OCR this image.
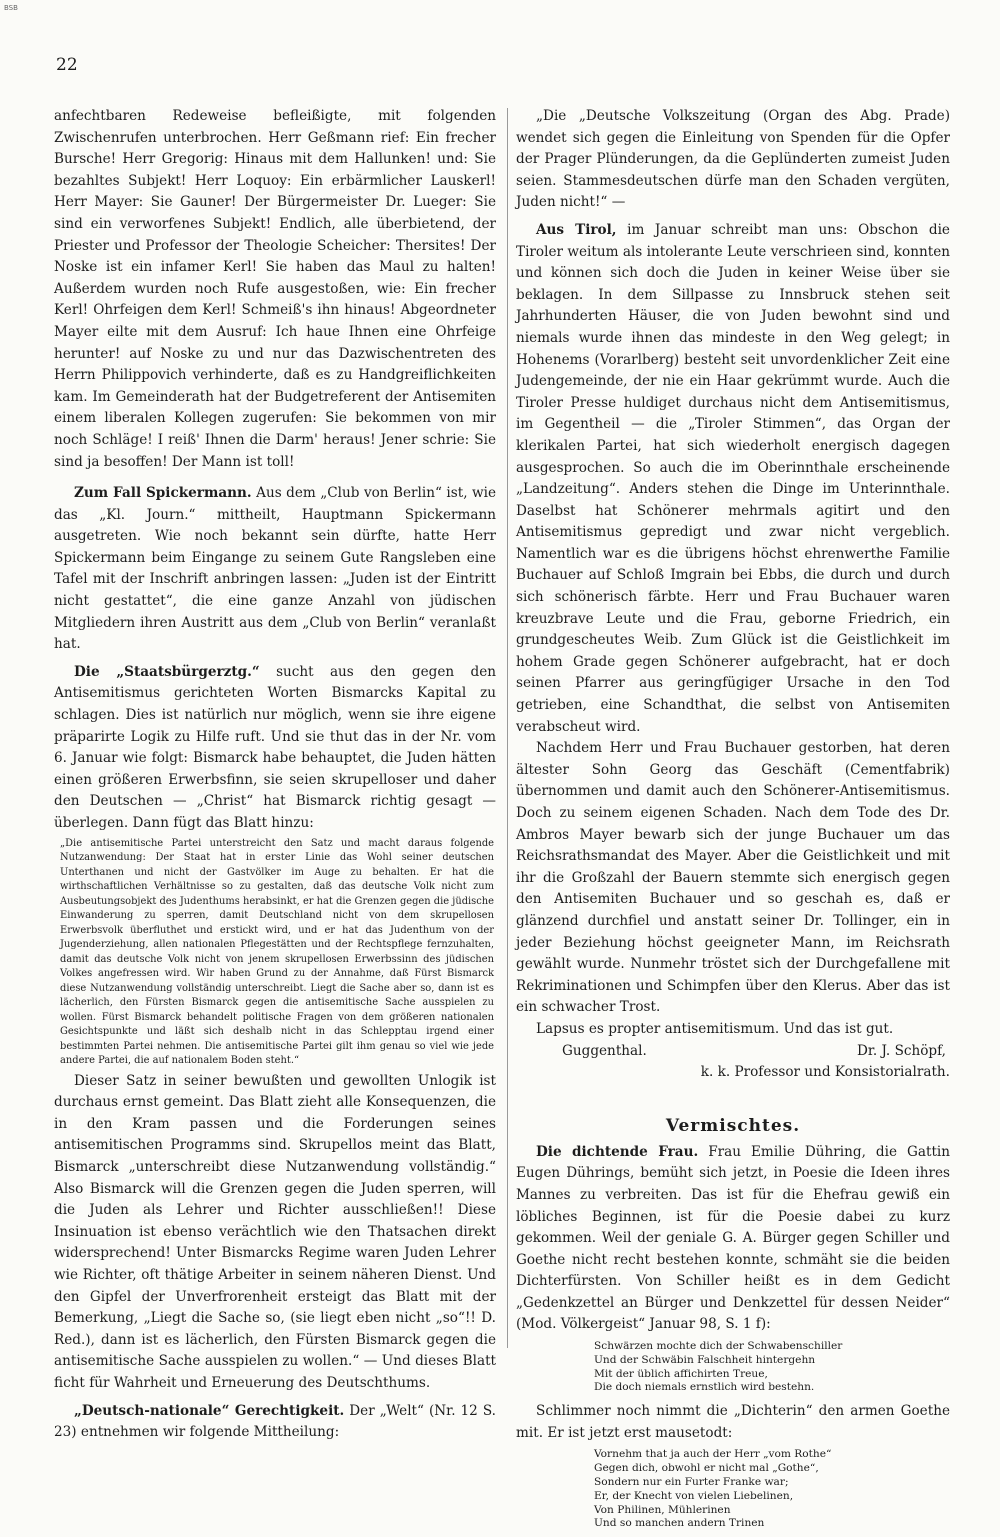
BSB
22

anfechtbaren Redeweise befleißigte, mit folgenden Zwischenrufen unterbrochen. Herr Geßmann rief: Ein frecher Bursche! Herr Gregorig: Hinaus mit dem Hallunken! und: Sie bezahltes Subjekt! Herr Loquoy: Ein erbärmlicher Lauskerl! Herr Mayer: Sie Gauner! Der Bürgermeister Dr. Lueger: Sie sind ein verworfenes Subjekt! Endlich, alle überbietend, der Priester und Professor der Theologie Scheicher: Thersites! Der Noske ist ein infamer Kerl! Sie haben das Maul zu halten! Außerdem wurden noch Rufe ausgestoßen, wie: Ein frecher Kerl! Ohrfeigen dem Kerl! Schmeiß's ihn hinaus! Abgeordneter Mayer eilte mit dem Ausruf: Ich haue Ihnen eine Ohrfeige herunter! auf Noske zu und nur das Dazwischentreten des Herrn Philippovich verhinderte, daß es zu Handgreiflichkeiten kam. Im Gemeinderath hat der Budgetreferent der Antisemiten einem liberalen Kollegen zugerufen: Sie bekommen von mir noch Schläge! I reiß' Ihnen die Darm' heraus! Jener schrie: Sie sind ja besoffen! Der Mann ist toll!

Zum Fall Spickermann. Aus dem „Club von Berlin“ ist, wie das „Kl. Journ.“ mittheilt, Hauptmann Spickermann ausgetreten. Wie noch bekannt sein dürfte, hatte Herr Spickermann beim Eingange zu seinem Gute Rangsleben eine Tafel mit der Inschrift anbringen lassen: „Juden ist der Eintritt nicht gestattet“, die eine ganze Anzahl von jüdischen Mitgliedern ihren Austritt aus dem „Club von Berlin“ veranlaßt hat.

Die „Staatsbürgerztg.“ sucht aus den gegen den Antisemitismus gerichteten Worten Bismarcks Kapital zu schlagen. Dies ist natürlich nur möglich, wenn sie ihre eigene präparirte Logik zu Hilfe ruft. Und sie thut das in der Nr. vom 6. Januar wie folgt: Bismarck habe behauptet, die Juden hätten einen größeren Erwerbsfinn, sie seien skrupelloser und daher den Deutschen — „Christ“ hat Bismarck richtig gesagt — überlegen. Dann fügt das Blatt hinzu:

„Die antisemitische Partei unterstreicht den Satz und macht daraus folgende Nutzanwendung: Der Staat hat in erster Linie das Wohl seiner deutschen Unterthanen und nicht der Gastvölker im Auge zu behalten. Er hat die wirthschaftlichen Verhältnisse so zu gestalten, daß das deutsche Volk nicht zum Ausbeutungsobjekt des Judenthums herabsinkt, er hat die Grenzen gegen die jüdische Einwanderung zu sperren, damit Deutschland nicht von dem skrupellosen Erwerbsvolk überfluthet und erstickt wird, und er hat das Judenthum von der Jugenderziehung, allen nationalen Pflegestätten und der Rechtspflege fernzuhalten, damit das deutsche Volk nicht von jenem skrupellosen Erwerbssinn des jüdischen Volkes angefressen wird. Wir haben Grund zu der Annahme, daß Fürst Bismarck diese Nutzanwendung vollständig unterschreibt. Liegt die Sache aber so, dann ist es lächerlich, den Fürsten Bismarck gegen die antisemitische Sache ausspielen zu wollen. Fürst Bismarck behandelt politische Fragen von dem größeren nationalen Gesichtspunkte und läßt sich deshalb nicht in das Schlepptau irgend einer bestimmten Partei nehmen. Die antisemitische Partei gilt ihm genau so viel wie jede andere Partei, die auf nationalem Boden steht.“

Dieser Satz in seiner bewußten und gewollten Unlogik ist durchaus ernst gemeint. Das Blatt zieht alle Konsequenzen, die in den Kram passen und die Forderungen seines antisemitischen Programms sind. Skrupellos meint das Blatt, Bismarck „unterschreibt diese Nutzanwendung vollständig.“ Also Bismarck will die Grenzen gegen die Juden sperren, will die Juden als Lehrer und Richter ausschließen!! Diese Insinuation ist ebenso verächtlich wie den Thatsachen direkt widersprechend! Unter Bismarcks Regime waren Juden Lehrer wie Richter, oft thätige Arbeiter in seinem näheren Dienst. Und den Gipfel der Unverfrorenheit ersteigt das Blatt mit der Bemerkung, „Liegt die Sache so, (sie liegt eben nicht „so“!! D. Red.), dann ist es lächerlich, den Fürsten Bismarck gegen die antisemitische Sache ausspielen zu wollen.“ — Und dieses Blatt ficht für Wahrheit und Erneuerung des Deutschthums.

„Deutsch-nationale“ Gerechtigkeit. Der „Welt“ (Nr. 12 S. 23) entnehmen wir folgende Mittheilung:

„Die „Deutsche Volkszeitung (Organ des Abg. Prade) wendet sich gegen die Einleitung von Spenden für die Opfer der Prager Plünderungen, da die Geplünderten zumeist Juden seien. Stammesdeutschen dürfe man den Schaden vergüten, Juden nicht!“ —

Aus Tirol, im Januar schreibt man uns: Obschon die Tiroler weitum als intolerante Leute verschrieen sind, konnten und können sich doch die Juden in keiner Weise über sie beklagen. In dem Sillpasse zu Innsbruck stehen seit Jahrhunderten Häuser, die von Juden bewohnt sind und niemals wurde ihnen das mindeste in den Weg gelegt; in Hohenems (Vorarlberg) besteht seit unvordenklicher Zeit eine Judengemeinde, der nie ein Haar gekrümmt wurde. Auch die Tiroler Presse huldiget durchaus nicht dem Antisemitismus, im Gegentheil — die „Tiroler Stimmen“, das Organ der klerikalen Partei, hat sich wiederholt energisch dagegen ausgesprochen. So auch die im Oberinnthale erscheinende „Landzeitung“. Anders stehen die Dinge im Unterinnthale. Daselbst hat Schönerer mehrmals agitirt und den Antisemitismus gepredigt und zwar nicht vergeblich. Namentlich war es die übrigens höchst ehrenwerthe Familie Buchauer auf Schloß Imgrain bei Ebbs, die durch und durch sich schönerisch färbte. Herr und Frau Buchauer waren kreuzbrave Leute und die Frau, geborne Friedrich, ein grundgescheutes Weib. Zum Glück ist die Geistlichkeit im hohem Grade gegen Schönerer aufgebracht, hat er doch seinen Pfarrer aus geringfügiger Ursache in den Tod getrieben, eine Schandthat, die selbst von Antisemiten verabscheut wird.

Nachdem Herr und Frau Buchauer gestorben, hat deren ältester Sohn Georg das Geschäft (Cementfabrik) übernommen und damit auch den Schönerer-Antisemitismus. Doch zu seinem eigenen Schaden. Nach dem Tode des Dr. Ambros Mayer bewarb sich der junge Buchauer um das Reichsrathsmandat des Mayer. Aber die Geistlichkeit und mit ihr die Großzahl der Bauern stemmte sich energisch gegen den Antisemiten Buchauer und so geschah es, daß er glänzend durchfiel und anstatt seiner Dr. Tollinger, ein in jeder Beziehung höchst geeigneter Mann, im Reichsrath gewählt wurde. Nunmehr tröstet sich der Durchgefallene mit Rekriminationen und Schimpfen über den Klerus. Aber das ist ein schwacher Trost.

Lapsus es propter antisemitismum. Und das ist gut.

Guggenthal.	Dr. J. Schöpf,
k. k. Professor und Konsistorialrath.
Vermischtes.

Die dichtende Frau. Frau Emilie Dühring, die Gattin Eugen Dührings, bemüht sich jetzt, in Poesie die Ideen ihres Mannes zu verbreiten. Das ist für die Ehefrau gewiß ein löbliches Beginnen, ist für die Poesie dabei zu kurz gekommen. Weil der geniale G. A. Bürger gegen Schiller und Goethe nicht recht bestehen konnte, schmäht sie die beiden Dichterfürsten. Von Schiller heißt es in dem Gedicht „Gedenkzettel an Bürger und Denkzettel für dessen Neider“ (Mod. Völkergeist“ Januar 98, S. 1 f):

Schwärzen mochte dich der Schwabenschiller
Und der Schwäbin Falschheit hintergehn
Mit der üblich affichirten Treue,
Die doch niemals ernstlich wird bestehn.

Schlimmer noch nimmt die „Dichterin“ den armen Goethe mit. Er ist jetzt erst mausetodt:

Vornehm that ja auch der Herr „vom Rothe“
Gegen dich, obwohl er nicht mal „Gothe“,
Sondern nur ein Furter Franke war;
Er, der Knecht von vielen Liebelinen,
Von Philinen, Mühlerinen
Und so manchen andern Trinen
